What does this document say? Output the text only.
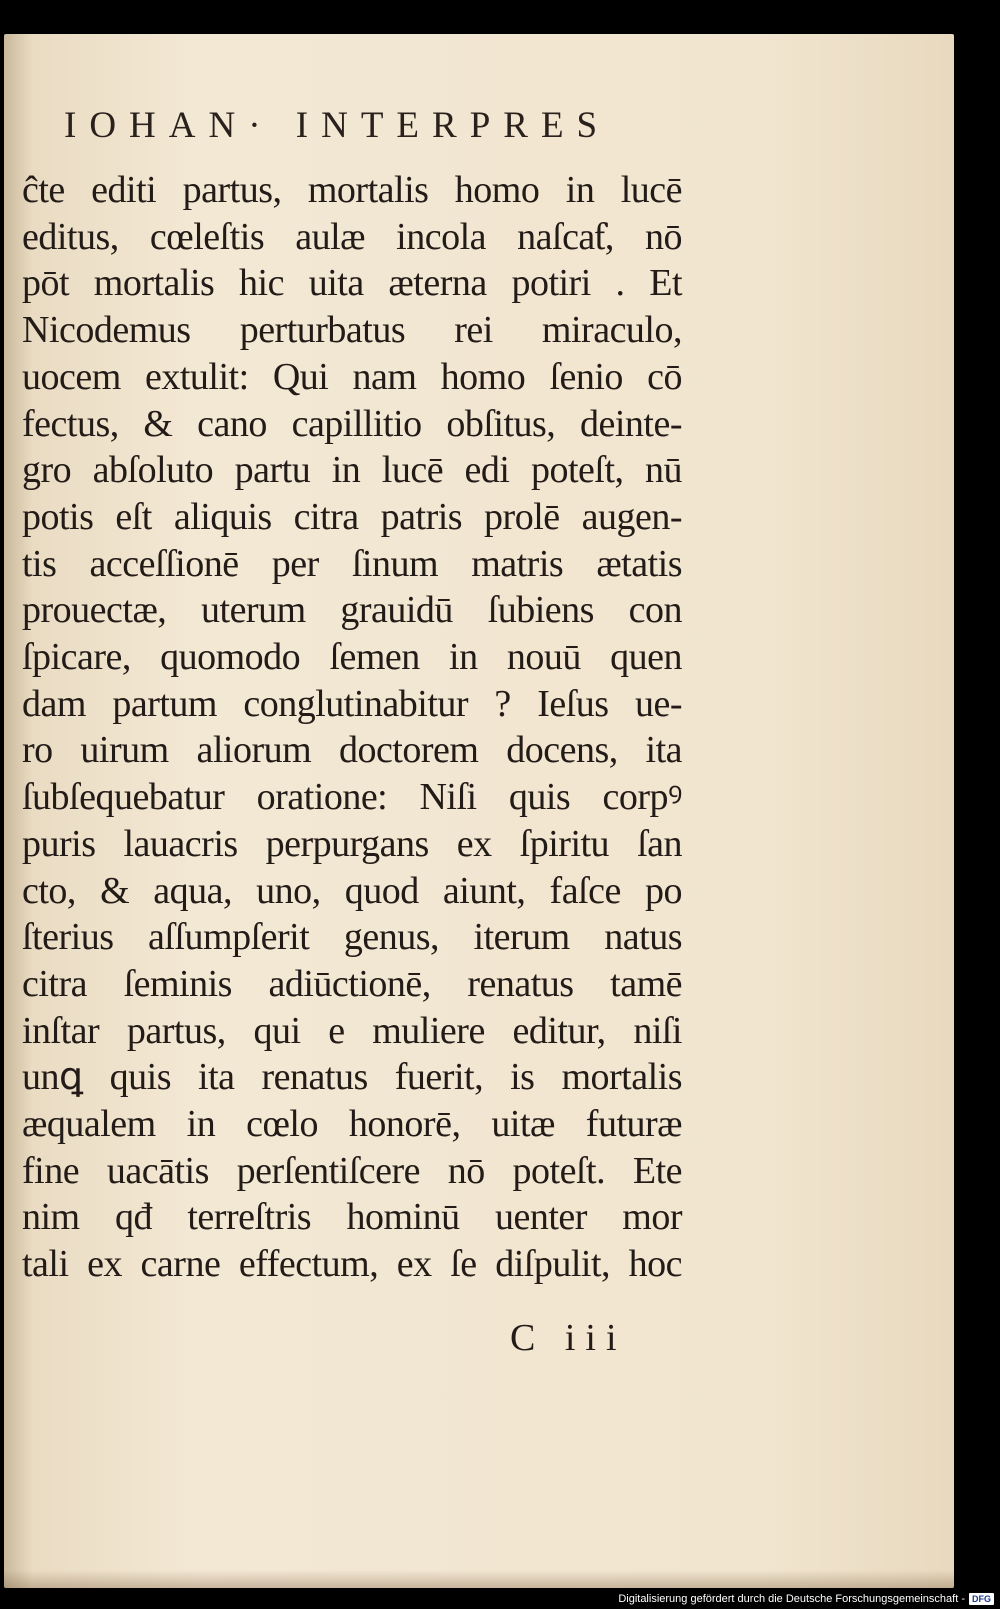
IOHAN· INTERPRES
ĉte editi partus, mortalis homo in lucē
editus, cœleſtis aulæ incola naſcaƭ, nō
pōt mortalis hic uita æterna potiri . Et
Nicodemus perturbatus rei miraculo,
uocem extulit: Qui nam homo ſenio cō
fectus, & cano capillitio obſitus, deinte-
gro abſoluto partu in lucē edi poteſt, nū
potis eſt aliquis citra patris prolē augen-
tis acceſſionē per ſinum matris ætatis
prouectæ, uterum grauidū ſubiens con
ſpicare, quomodo ſemen in nouū quen
dam partum conglutinabitur ? Ieſus ue-
ro uirum aliorum doctorem docens, ita
ſubſequebatur oratione: Niſi quis corpꝰ
puris lauacris perpurgans ex ſpiritu ſan
cto, & aqua, uno, quod aiunt, faſce po
ſterius aſſumpſerit genus, iterum natus
citra ſeminis adiūctionē, renatus tamē
inſtar partus, qui e muliere editur, niſi
unꝗ quis ita renatus fuerit, is mortalis
æqualem in cœlo honorē, uitæ futuræ
fine uacātis perſentiſcere nō poteſt. Ete
nim qđ terreſtris hominū uenter mor
tali ex carne effectum, ex ſe diſpulit, hoc
C iii
Digitalisierung gefördert durch die Deutsche Forschungsgemeinschaft - DFG
